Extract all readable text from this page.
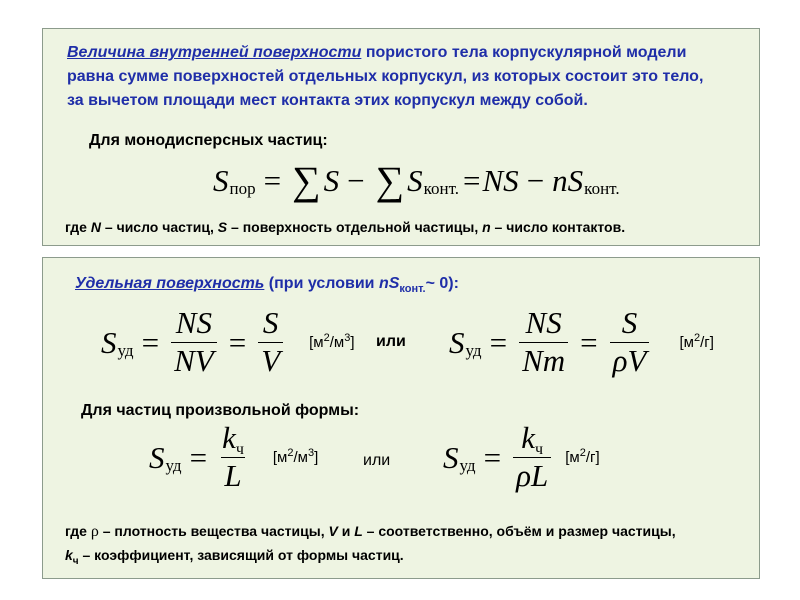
Величина внутренней поверхности пористого тела корпускулярной модели
равна сумме поверхностей отдельных корпускул, из которых состоит это тело,
за вычетом площади мест контакта этих корпускул между собой.
Для монодисперсных частиц:
S пор = ∑ S − ∑ S конт. = NS − nS конт.
где N – число частиц, S – поверхность отдельной частицы, n – число контактов.
Удельная поверхность (при условии $nS_{конт.}\sim$ 0):
S уд = $\frac{NS}{NV} = \frac{S}{V} [м^2/м^3]$ или S уд = $\frac{NS}{Nm} = \frac{S}{\rho V} [м^2/г]$
Для частиц произвольной формы:
S уд = $\frac{kч}{L} [м^2/м^3]$	или S уд = $\frac{kч}{\rho L} [м^2/г]$
где ρ – плотность вещества частицы, V и L – соответственно, объём и размер частицы,
$k_ч$ – коэффициент, зависящий от формы частиц.
